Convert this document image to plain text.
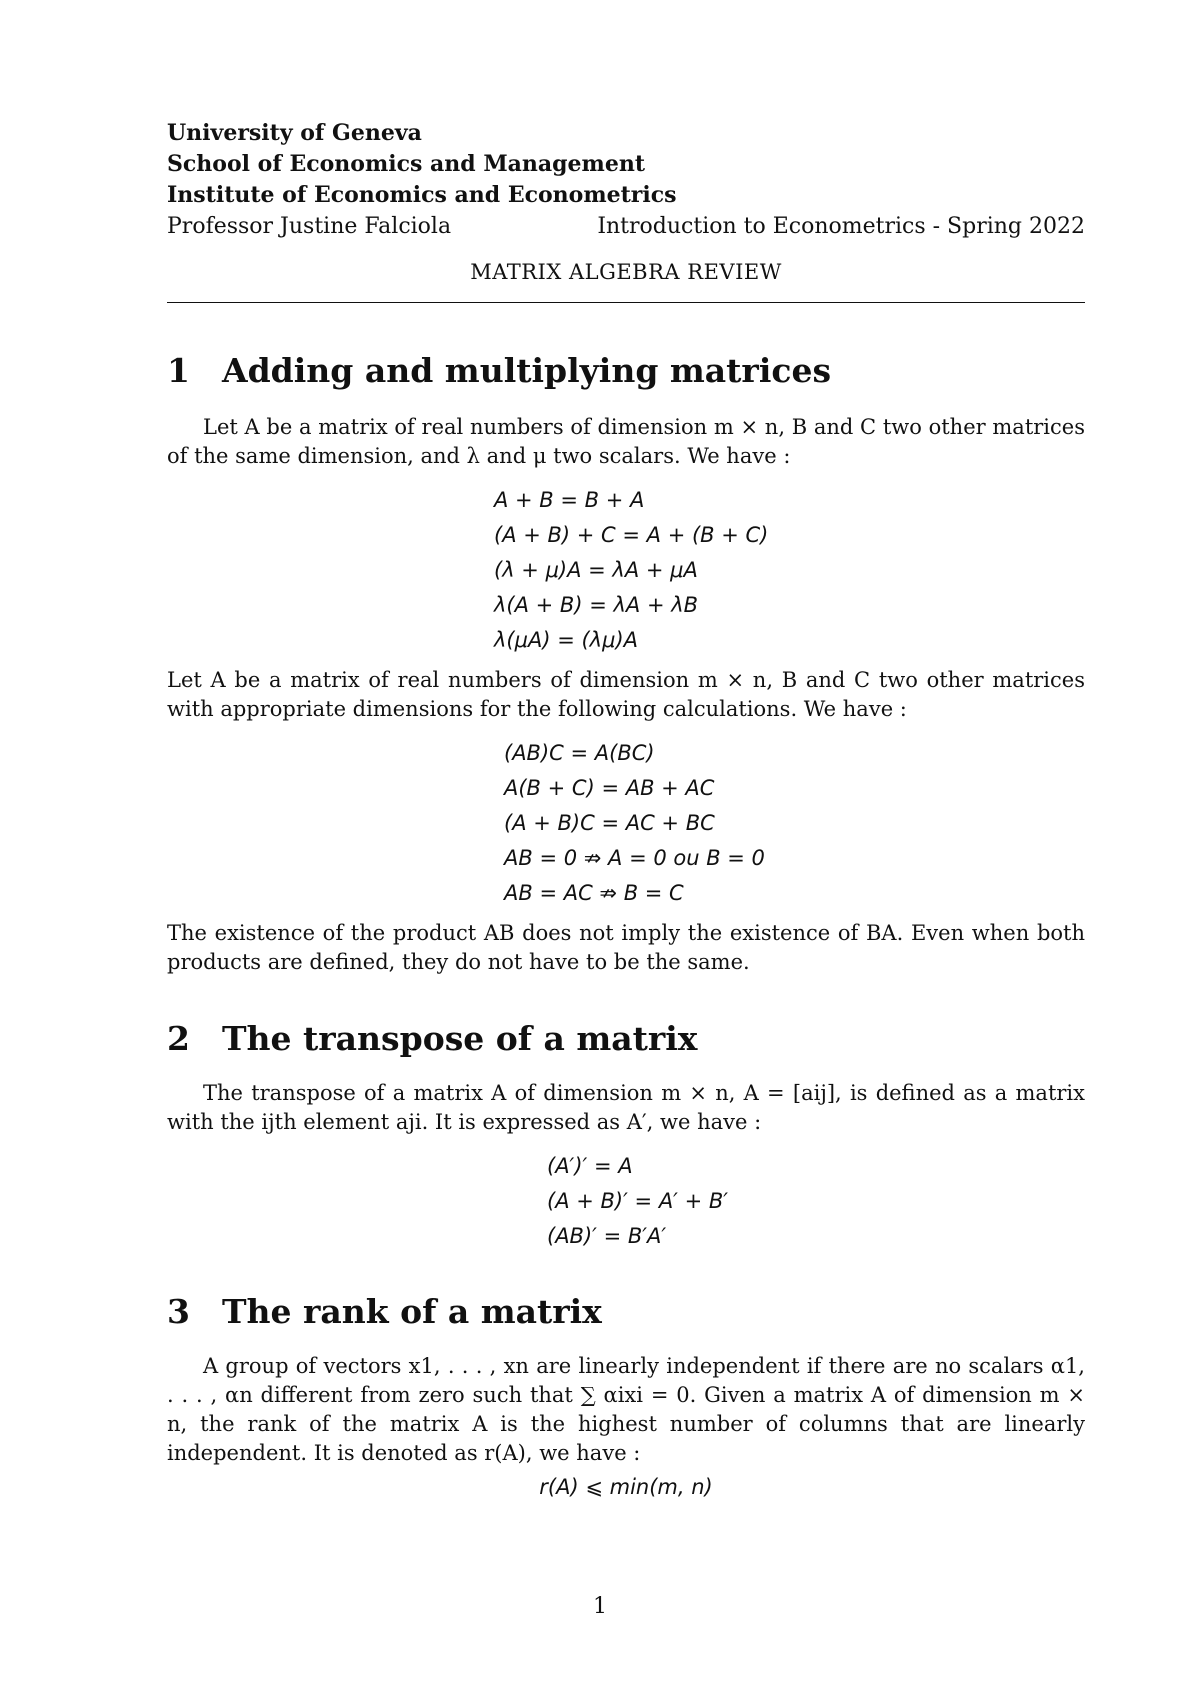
University of Geneva
School of Economics and Management
Institute of Economics and Econometrics
Professor Justine Falciola	Introduction to Econometrics - Spring 2022
MATRIX ALGEBRA REVIEW
1 Adding and multiplying matrices

Let A be a matrix of real numbers of dimension m × n, B and C two other matrices of the same dimension, and λ and μ two scalars. We have :

A + B = B + A
(A + B) + C = A + (B + C)
(λ + μ)A = λA + μA
λ(A + B) = λA + λB
λ(μA) = (λμ)A

Let A be a matrix of real numbers of dimension m × n, B and C two other matrices with appropriate dimensions for the following calculations. We have :

(AB)C = A(BC)
A(B + C) = AB + AC
(A + B)C = AC + BC
AB = 0 ⇏ A = 0 ou B = 0
AB = AC ⇏ B = C

The existence of the product AB does not imply the existence of BA. Even when both products are defined, they do not have to be the same.

2 The transpose of a matrix

The transpose of a matrix A of dimension m × n, A = [aij], is defined as a matrix with the ijth element aji. It is expressed as A′, we have :

(A′)′ = A
(A + B)′ = A′ + B′
(AB)′ = B′A′
3 The rank of a matrix

A group of vectors x1, . . . , xn are linearly independent if there are no scalars α1, . . . , αn different from zero such that ∑ αixi = 0. Given a matrix A of dimension m × n, the rank of the matrix A is the highest number of columns that are linearly independent. It is denoted as r(A), we have :

r(A) ⩽ min(m, n)
1
